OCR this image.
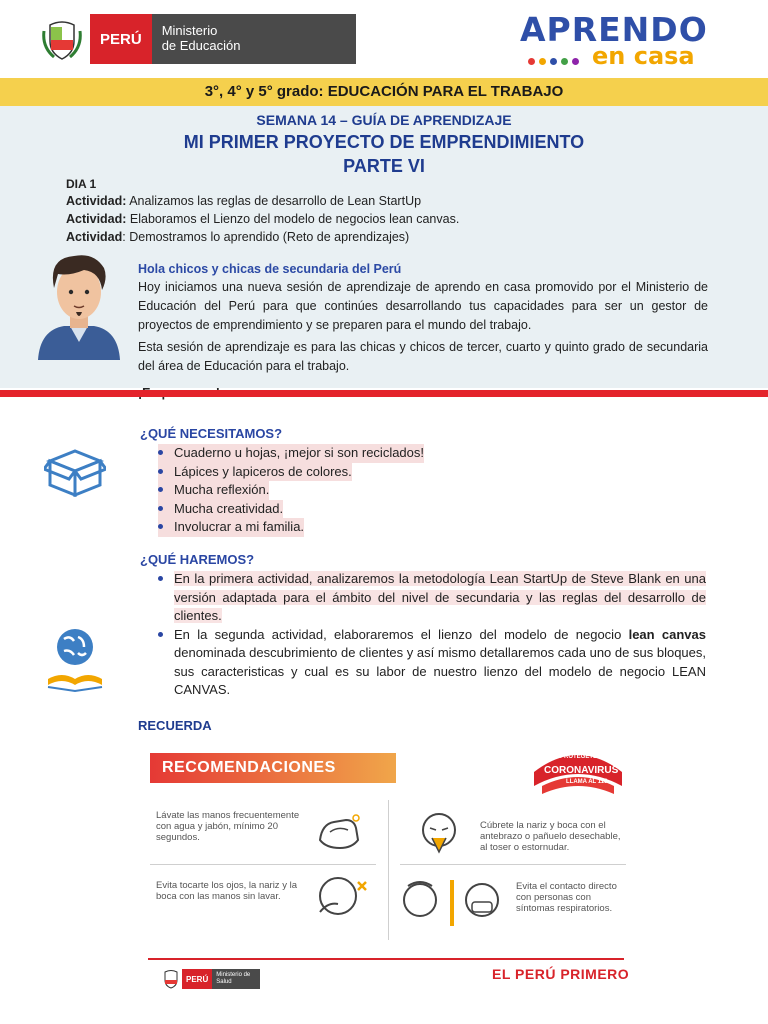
PERÚ	Ministerio
de Educación	APRENDO
en casa
3°, 4° y 5° grado: EDUCACIÓN PARA EL TRABAJO
SEMANA 14 – GUÍA DE APRENDIZAJE
MI PRIMER PROYECTO DE EMPRENDIMIENTO
PARTE VI
DIA 1
Actividad: Analizamos las reglas de desarrollo de Lean StartUp
Actividad: Elaboramos el Lienzo del modelo de negocios lean canvas.
Actividad: Demostramos lo aprendido (Reto de aprendizajes)
Hola chicos y chicas de secundaria del Perú
Hoy iniciamos una nueva sesión de aprendizaje de aprendo en casa promovido por el Ministerio de Educación del Perú para que continúes desarrollando tus capacidades para ser un gestor de proyectos de emprendimiento y se preparen para el mundo del trabajo.
Esta sesión de aprendizaje es para las chicas y chicos de tercer, cuarto y quinto grado de secundaria del área de Educación para el trabajo.
¿QUÉ NECESITAMOS?
Cuaderno u hojas, ¡mejor si son reciclados!
Lápices y lapiceros de colores.
Mucha reflexión.
Mucha creatividad.
Involucrar a mi familia.
¿QUÉ HAREMOS?
En la primera actividad, analizaremos la metodología Lean StartUp de Steve Blank en una versión adaptada para el ámbito del nivel de secundaria y las reglas del desarrollo de clientes.
En la segunda actividad, elaboraremos el lienzo del modelo de negocio lean canvas denominada descubrimiento de clientes y así mismo detallaremos cada uno de sus bloques, sus caracteristicas y cual es su labor de nuestro lienzo del modelo de negocio LEAN CANVAS.
RECUERDA
RECOMENDACIONES
PROTÉGETE DEL
CORONAVIRUS
LLAMA AL 113
Lávate las manos frecuentemente con agua y jabón, mínimo 20 segundos.
Cúbrete la nariz y boca con el antebrazo o pañuelo desechable, al toser o estornudar.
Evita tocarte los ojos, la nariz y la boca con las manos sin lavar.
Evita el contacto directo con personas con síntomas respiratorios.
PERÚ	Ministerio de Salud	EL PERÚ PRIMERO
